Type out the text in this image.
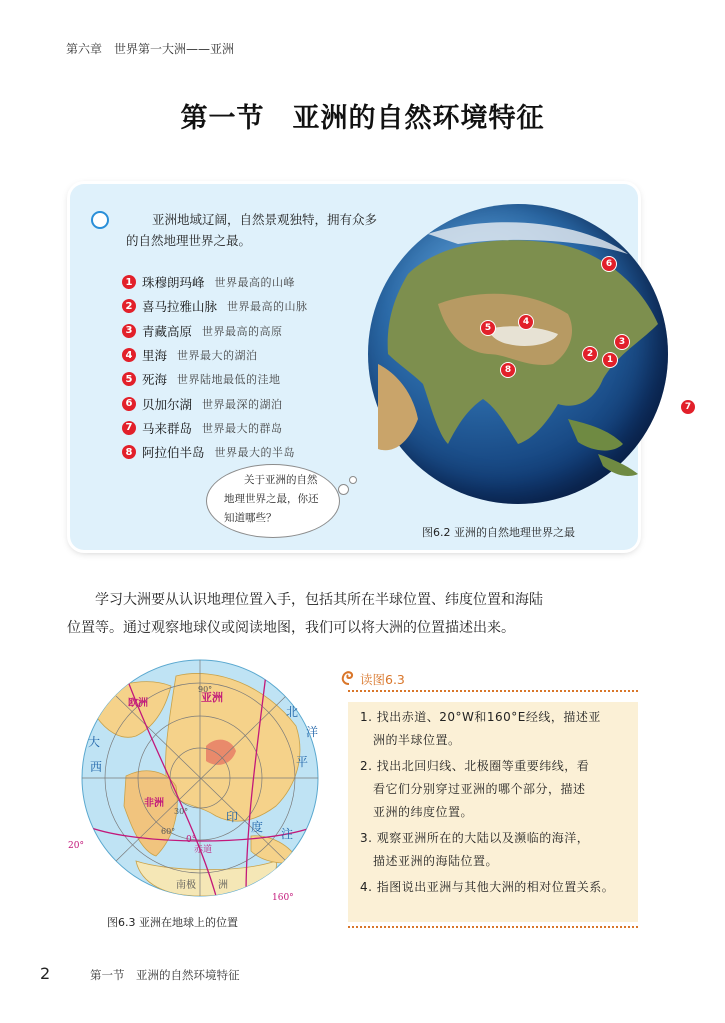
第六章　世界第一大洲——亚洲
第一节　亚洲的自然环境特征
亚洲地域辽阔，自然景观独特，拥有众多
的自然地理世界之最。
1 珠穆朗玛峰 世界最高的山峰
2 喜马拉雅山脉 世界最高的山脉
3 青藏高原 世界最高的高原
4 里海 世界最大的湖泊
5 死海 世界陆地最低的洼地
6 贝加尔湖 世界最深的湖泊
7 马来群岛 世界最大的群岛
8 阿拉伯半岛 世界最大的半岛
6
4
5
3
2
1
8
7
关于亚洲的自然
地理世界之最，你还
知道哪些？
图6.2 亚洲的自然地理世界之最
学习大洲要从认识地理位置入手，包括其所在半球位置、纬度位置和海陆
位置等。通过观察地球仪或阅读地图，我们可以将大洲的位置描述出来。
90°
60°
30°
0°
赤道
20°
160°
亚洲
欧洲
非洲
大
西
印
度 注
平
北
洋
南极 洲
图6.3 亚洲在地球上的位置
读图6.3
1. 找出赤道、20°W和160°E经线，描述亚
洲的半球位置。
2. 找出北回归线、北极圈等重要纬线，看
看它们分别穿过亚洲的哪个部分，描述
亚洲的纬度位置。
3. 观察亚洲所在的大陆以及濒临的海洋，
描述亚洲的海陆位置。
4. 指图说出亚洲与其他大洲的相对位置关系。
2	第一节　亚洲的自然环境特征
